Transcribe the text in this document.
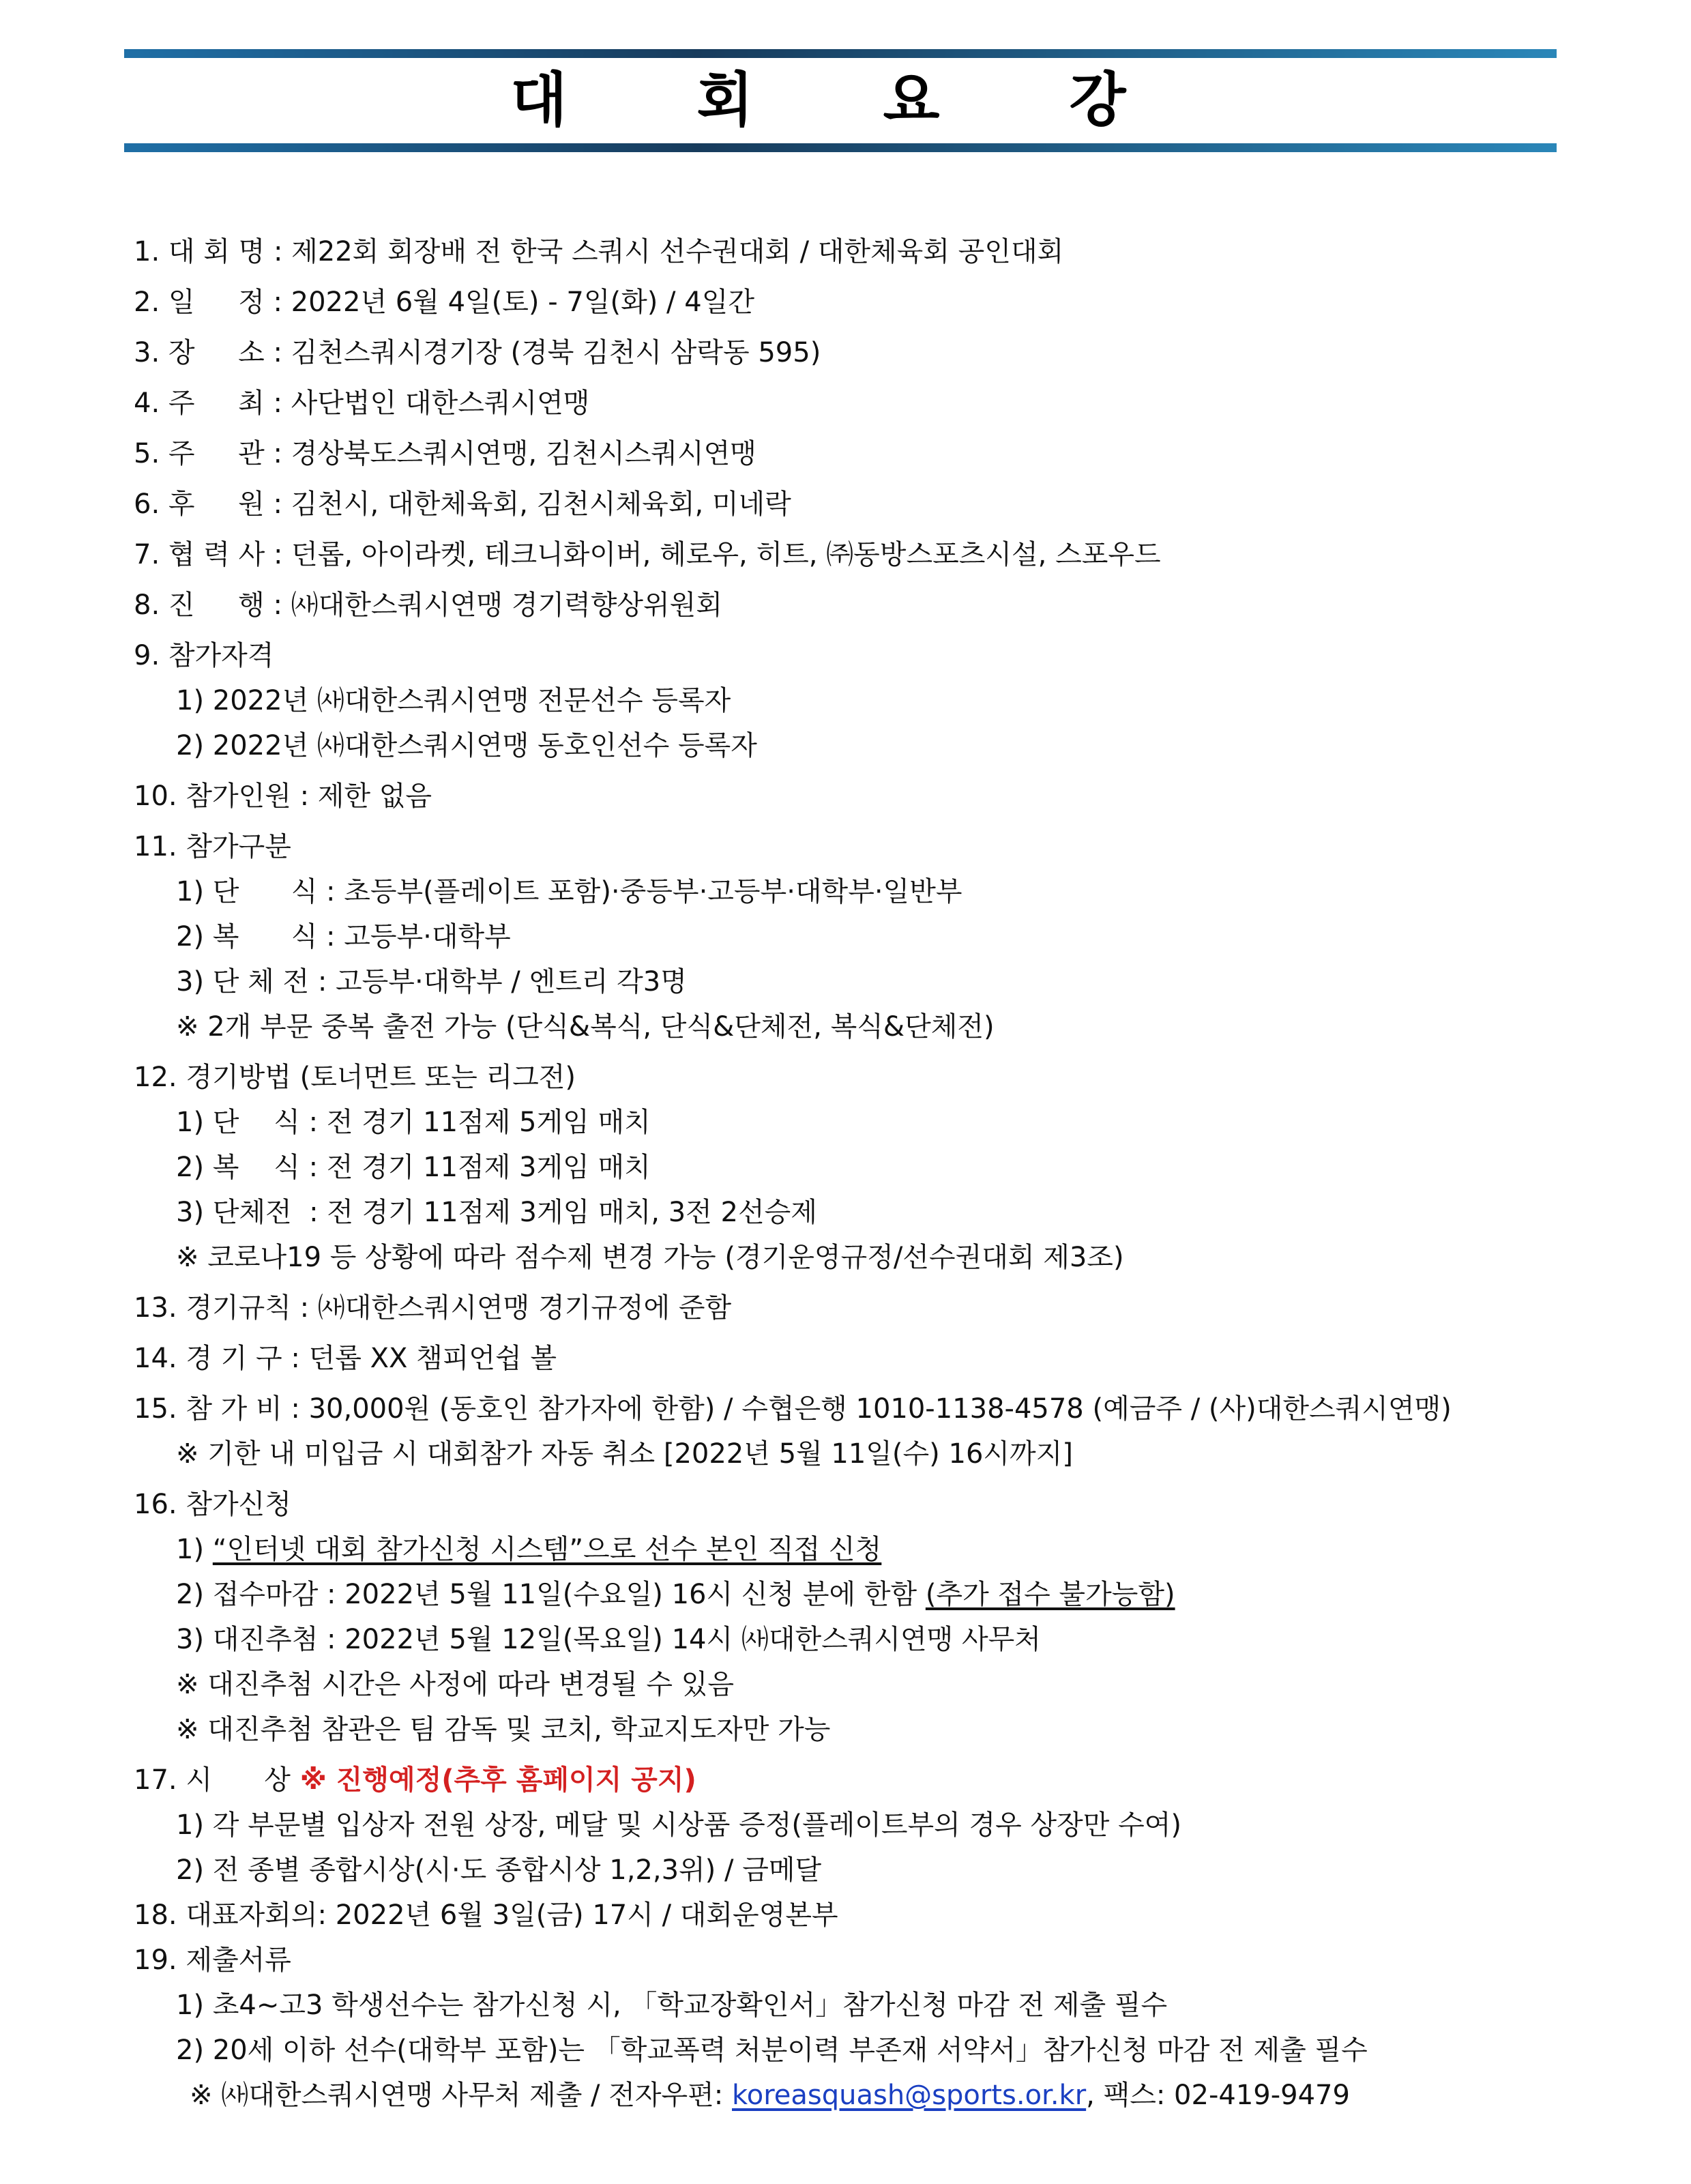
대 회 요 강
1. 대 회 명 : 제22회 회장배 전 한국 스쿼시 선수권대회 / 대한체육회 공인대회
2. 일     정 : 2022년 6월 4일(토) - 7일(화) / 4일간
3. 장     소 : 김천스쿼시경기장 (경북 김천시 삼락동 595)
4. 주     최 : 사단법인 대한스쿼시연맹
5. 주     관 : 경상북도스쿼시연맹, 김천시스쿼시연맹
6. 후     원 : 김천시, 대한체육회, 김천시체육회, 미네락
7. 협 력 사 : 던롭, 아이라켓, 테크니화이버, 헤로우, 히트, ㈜동방스포츠시설, 스포우드
8. 진     행 : ㈔대한스쿼시연맹 경기력향상위원회
9. 참가자격
1) 2022년 ㈔대한스쿼시연맹 전문선수 등록자
2) 2022년 ㈔대한스쿼시연맹 동호인선수 등록자
10. 참가인원 : 제한 없음
11. 참가구분
1) 단      식 : 초등부(플레이트 포함)·중등부·고등부·대학부·일반부
2) 복      식 : 고등부·대학부
3) 단 체 전 : 고등부·대학부 / 엔트리 각3명
※ 2개 부문 중복 출전 가능 (단식&복식, 단식&단체전, 복식&단체전)
12. 경기방법 (토너먼트 또는 리그전)
1) 단    식 : 전 경기 11점제 5게임 매치
2) 복    식 : 전 경기 11점제 3게임 매치
3) 단체전  : 전 경기 11점제 3게임 매치, 3전 2선승제
※ 코로나19 등 상황에 따라 점수제 변경 가능 (경기운영규정/선수권대회 제3조)
13. 경기규칙 : ㈔대한스쿼시연맹 경기규정에 준함
14. 경 기 구 : 던롭 XX 챔피언쉽 볼
15. 참 가 비 : 30,000원 (동호인 참가자에 한함) / 수협은행 1010-1138-4578 (예금주 / (사)대한스쿼시연맹)
※ 기한 내 미입금 시 대회참가 자동 취소 [2022년 5월 11일(수) 16시까지]
16. 참가신청
1) “인터넷 대회 참가신청 시스템”으로 선수 본인 직접 신청
2) 접수마감 : 2022년 5월 11일(수요일) 16시 신청 분에 한함 (추가 접수 불가능함)
3) 대진추첨 : 2022년 5월 12일(목요일) 14시 ㈔대한스쿼시연맹 사무처
※ 대진추첨 시간은 사정에 따라 변경될 수 있음
※ 대진추첨 참관은 팀 감독 및 코치, 학교지도자만 가능
17. 시      상 ※ 진행예정(추후 홈페이지 공지)
1) 각 부문별 입상자 전원 상장, 메달 및 시상품 증정(플레이트부의 경우 상장만 수여)
2) 전 종별 종합시상(시·도 종합시상 1,2,3위) / 금메달
18. 대표자회의: 2022년 6월 3일(금) 17시 / 대회운영본부
19. 제출서류
1) 초4~고3 학생선수는 참가신청 시, 「학교장확인서」참가신청 마감 전 제출 필수
2) 20세 이하 선수(대학부 포함)는 「학교폭력 처분이력 부존재 서약서」참가신청 마감 전 제출 필수
※ ㈔대한스쿼시연맹 사무처 제출 / 전자우편: koreasquash@sports.or.kr, 팩스: 02-419-9479
